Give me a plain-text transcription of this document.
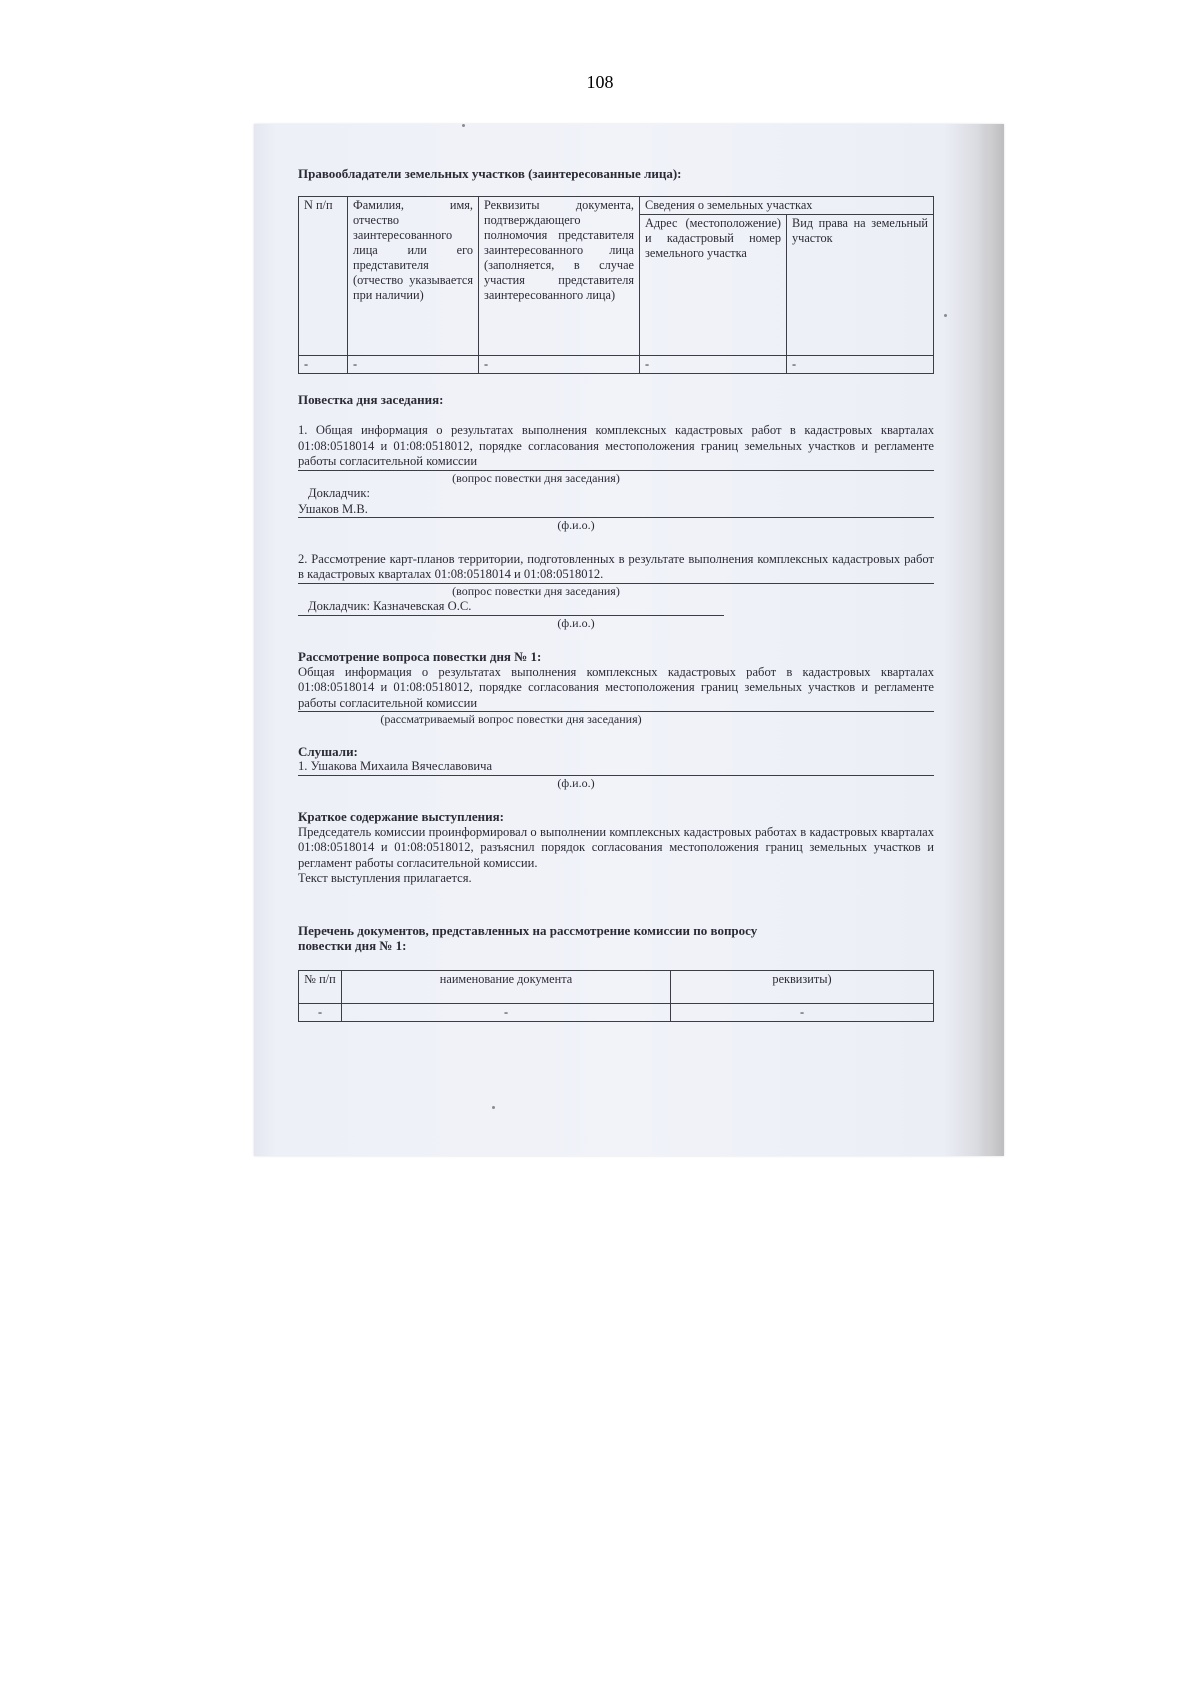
108

Правообладатели земельных участков (заинтересованные лица):

N п/п	Фамилия, имя, отчество заинтересованного лица или его представителя (отчество указывается при наличии)	Реквизиты документа, подтверждающего полномочия представителя заинтересованного лица (заполняется, в случае участия представителя заинтересованного лица)	Сведения о земельных участках	
			Адрес (местоположение) и кадастровый номер земельного участка	Вид права на земельный участок
-	-	-	-	-

Повестка дня заседания:

1. Общая информация о результатах выполнения комплексных кадастровых работ в кадастровых кварталах 01:08:0518014 и 01:08:0518012, порядке согласования местоположения границ земельных участков и регламенте работы согласительной комиссии

(вопрос повестки дня заседания)

Докладчик:

Ушаков М.В.

(ф.и.о.)

2. Рассмотрение карт-планов территории, подготовленных в результате выполнения комплексных кадастровых работ в кадастровых кварталах 01:08:0518014 и 01:08:0518012.

(вопрос повестки дня заседания)

Докладчик: Казначевская О.С.

(ф.и.о.)

Рассмотрение вопроса повестки дня № 1:

Общая информация о результатах выполнения комплексных кадастровых работ в кадастровых кварталах 01:08:0518014 и 01:08:0518012, порядке согласования местоположения границ земельных участков и регламенте работы согласительной комиссии

(рассматриваемый вопрос повестки дня заседания)

Слушали:

1. Ушакова Михаила Вячеславовича

(ф.и.о.)

Краткое содержание выступления:

Председатель комиссии проинформировал о выполнении комплексных кадастровых работах в кадастровых кварталах 01:08:0518014 и 01:08:0518012, разъяснил порядок согласования местоположения границ земельных участков и регламент работы согласительной комиссии.

Текст выступления прилагается.

Перечень документов, представленных на рассмотрение комиссии по вопросу

повестки дня № 1:

№ п/п	наименование документа	реквизиты)
-	-	-
